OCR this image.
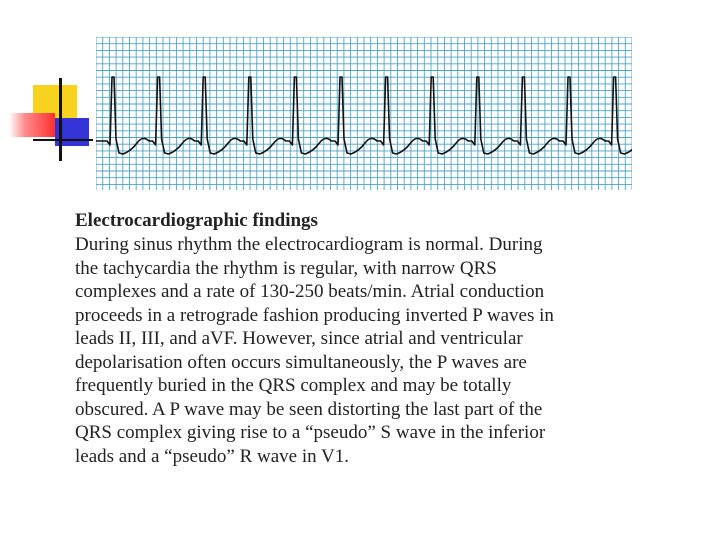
Electrocardiographic findings

During sinus rhythm the electrocardiogram is normal. During

the tachycardia the rhythm is regular, with narrow QRS

complexes and a rate of 130-250 beats/min. Atrial conduction

proceeds in a retrograde fashion producing inverted P waves in

leads II, III, and aVF. However, since atrial and ventricular

depolarisation often occurs simultaneously, the P waves are

frequently buried in the QRS complex and may be totally

obscured. A P wave may be seen distorting the last part of the

QRS complex giving rise to a “pseudo” S wave in the inferior

leads and a “pseudo” R wave in V1.
